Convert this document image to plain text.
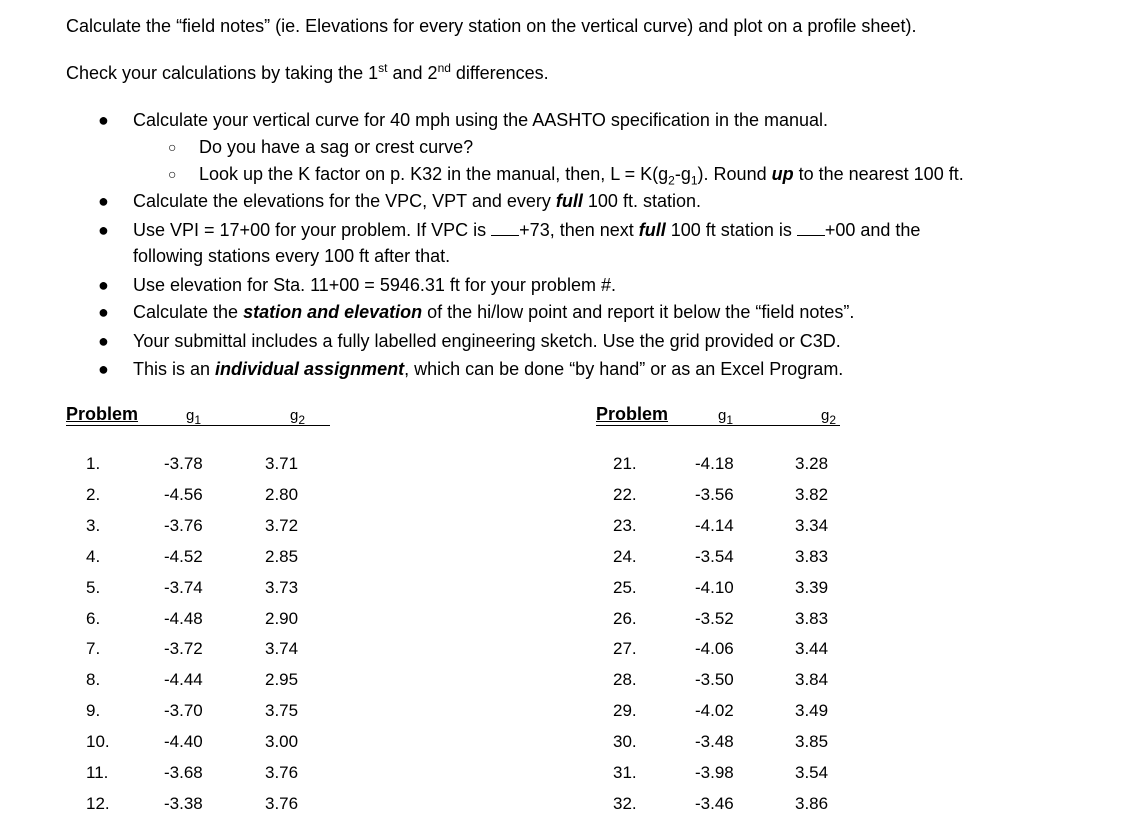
Calculate the “field notes” (ie. Elevations for every station on the vertical curve) and plot on a profile sheet).
Check your calculations by taking the 1st and 2nd differences.
● Calculate your vertical curve for 40 mph using the AASHTO specification in the manual.
○ Do you have a sag or crest curve?
○ Look up the K factor on p. K32 in the manual, then, $L = K(g_2-g_1)$. Round up to the nearest 100 ft.
● Calculate the elevations for the VPC, VPT and every full 100 ft. station.
● Use VPI = 17+00 for your problem. If VPC is +73, then next full 100 ft station is +00 and the
following stations every 100 ft after that.
● Use elevation for Sta. 11+00 = 5946.31 ft for your problem #.
● Calculate the station and elevation of the hi/low point and report it below the “field notes”.
● Your submittal includes a fully labelled engineering sketch. Use the grid provided or C3D.
● This is an individual assignment, which can be done “by hand” or as an Excel Program.
Problem	$g_1$	$g_2$	Problem	$g_1$	$g_2$
1.	-3.78	3.71
2.	-4.56	2.80
3.	-3.76	3.72
4.	-4.52	2.85
5.	-3.74	3.73
6.	-4.48	2.90
7.	-3.72	3.74
8.	-4.44	2.95
9.	-3.70	3.75
10.	-4.40	3.00
11.	-3.68	3.76
12.	-3.38	3.76
21.	-4.18	3.28
22.	-3.56	3.82
23.	-4.14	3.34
24.	-3.54	3.83
25.	-4.10	3.39
26.	-3.52	3.83
27.	-4.06	3.44
28.	-3.50	3.84
29.	-4.02	3.49
30.	-3.48	3.85
31.	-3.98	3.54
32.	-3.46	3.86
